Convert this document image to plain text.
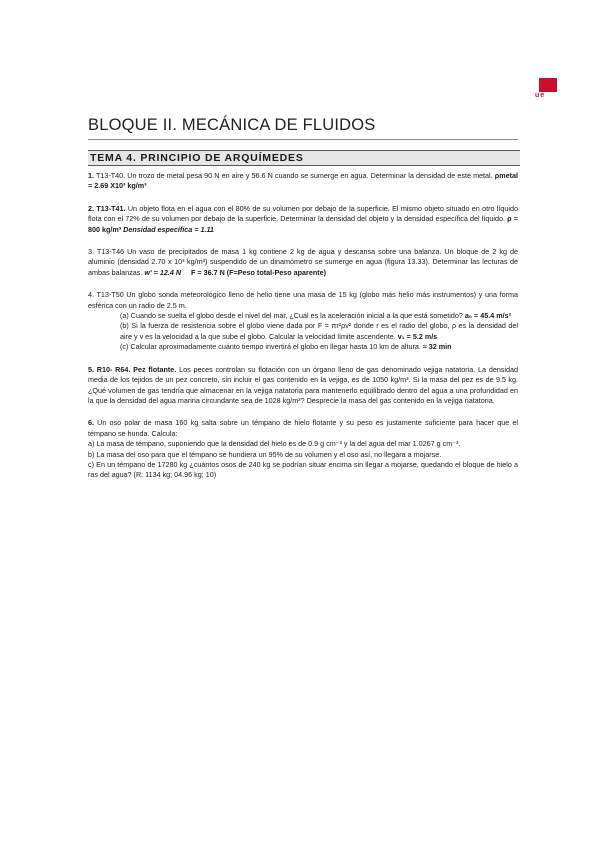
ue
BLOQUE II. MECÁNICA DE FLUIDOS
TEMA 4. PRINCIPIO DE ARQUÍMEDES

1. T13-T40. Un trozo de metal pesa 90 N en aire y 56.6 N cuando se sumerge en agua. Determinar la densidad de este metal. ρmetal = 2.69 X10³ kg/m³

2. T13-T41. Un objeto flota en el agua con el 80% de su volumen por debajo de la superficie. El mismo objeto situado en otro líquido flota con el 72% de su volumen por debajo de la superficie. Determinar la densidad del objeto y la densidad específica del líquido. ρ = 800 kg/m³ Densidad específica = 1.11

3. T13-T46 Un vaso de precipitados de masa 1 kg contiene 2 kg de agua y descansa sobre una balanza. Un bloque de 2 kg de aluminio (densidad 2.70 x 10³ kg/m³) suspendido de un dinamómetro se sumerge en agua (figura 13.33). Determinar las lecturas de ambas balanzas. w' = 12.4 N F = 36.7 N (F=Peso total-Peso aparente)

4. T13-T50 Un globo sonda meteorológico lleno de helio tiene una masa de 15 kg (globo más helio más instrumentos) y una forma esférica con un radio de 2.5 m.

(a) Cuando se suelta el globo desde el nivel del mar, ¿Cuál es la aceleración inicial a la que está sometido? a₀ = 45.4 m/s²
(b) Si la fuerza de resistencia sobre el globo viene dada por F = πr²ρv² donde r es el radio del globo, ρ es la densidad del aire y v es la velocidad a la que sube el globo. Calcular la velocidad límite ascendente. v₁ = 5.2 m/s
(c) Calcular aproximadamente cuánto tiempo invertirá el globo en llegar hasta 10 km de altura. ≈ 32 min

5. R10- R64. Pez flotante. Los peces controlan su flotación con un órgano lleno de gas denominado vejiga natatoria. La densidad media de los tejidos de un pez concreto, sin incluir el gas contenido en la vejiga, es de 1050 kg/m³. Si la masa del pez es de 9.5 kg. ¿Qué volumen de gas tendría que almacenar en la vejiga natatoria para mantenerlo equilibrado dentro del agua a una profundidad en la que la densidad del agua marina circundante sea de 1028 kg/m³? Desprecie la masa del gas contenido en la vejiga natatoria.

6. Un oso polar de masa 160 kg salta sobre un témpano de hielo flotante y su peso es justamente suficiente para hacer que el témpano se hunda. Calcula:

a) La masa de témpano, suponiendo que la densidad del hielo es de 0.9 g cm⁻³ y la del agua del mar 1.0267 g cm⁻³.

b) La masa del oso para que el témpano se hundiera un 95% de su volumen y el oso así, no llegara a mojarse.

c) En un témpano de 17280 kg ¿cuántos osos de 240 kg se podrían situar encima sin llegar a mojarse, quedando el bloque de hielo a ras del agua? (R: 1134 kg; 04.96 kg; 10)
